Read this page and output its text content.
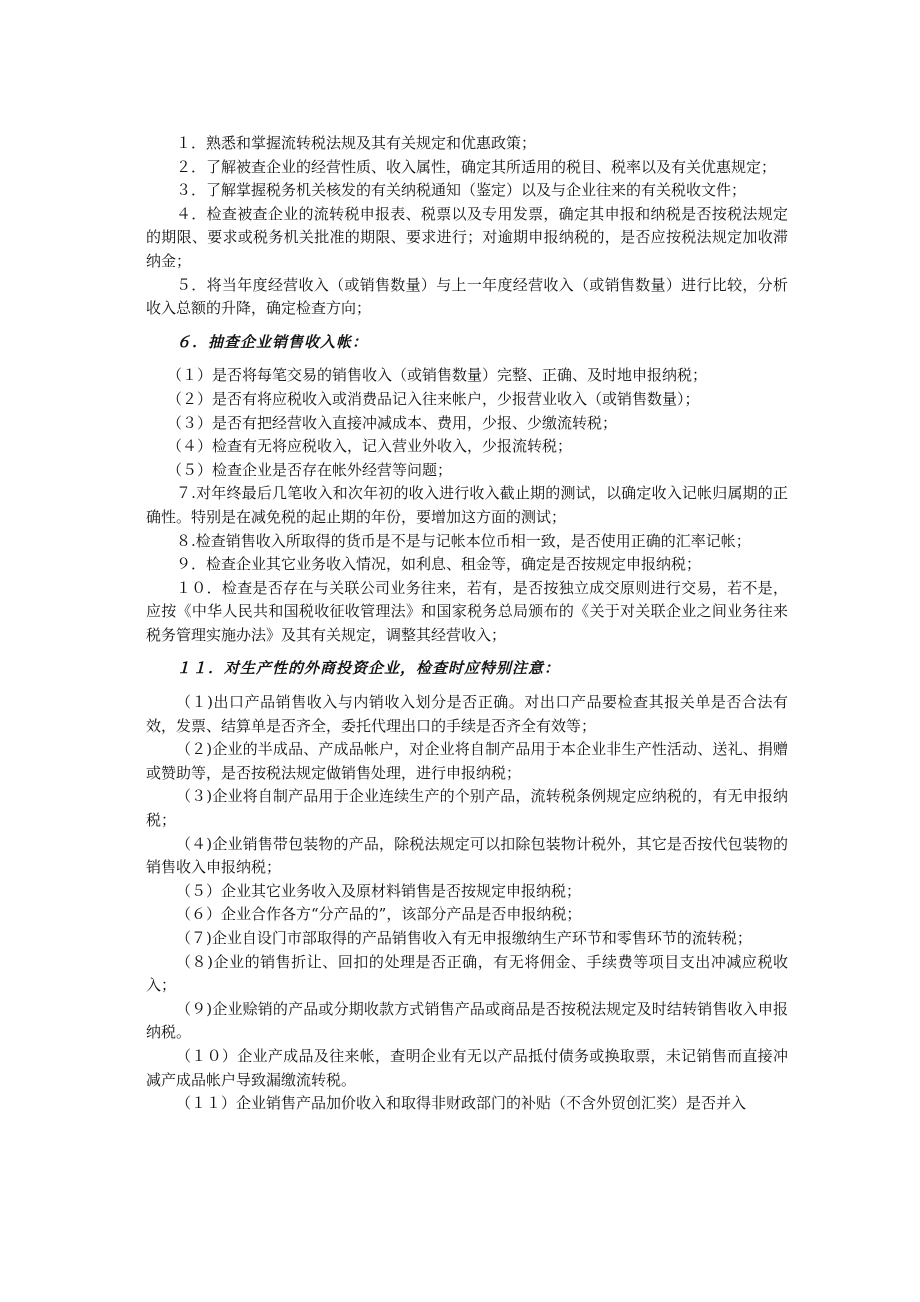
１．熟悉和掌握流转税法规及其有关规定和优惠政策；

２．了解被查企业的经营性质、收入属性，确定其所适用的税目、税率以及有关优惠规定；

３．了解掌握税务机关核发的有关纳税通知（鉴定）以及与企业往来的有关税收文件；

４．检查被查企业的流转税申报表、税票以及专用发票，确定其申报和纳税是否按税法规定的期限、要求或税务机关批准的期限、要求进行；对逾期申报纳税的，是否应按税法规定加收滞纳金；

５．将当年度经营收入（或销售数量）与上一年度经营收入（或销售数量）进行比较，分析收入总额的升降，确定检查方向；

６．抽查企业销售收入帐：

（１）是否将每笔交易的销售收入（或销售数量）完整、正确、及时地申报纳税；

（２）是否有将应税收入或消费品记入往来帐户，少报营业收入（或销售数量）；

（３）是否有把经营收入直接冲减成本、费用，少报、少缴流转税；

（４）检查有无将应税收入，记入营业外收入，少报流转税；

（５）检查企业是否存在帐外经营等问题；

７.对年终最后几笔收入和次年初的收入进行收入截止期的测试，以确定收入记帐归属期的正确性。特别是在减免税的起止期的年份，要增加这方面的测试；

８.检查销售收入所取得的货币是不是与记帐本位币相一致，是否使用正确的汇率记帐；

９．检查企业其它业务收入情况，如利息、租金等，确定是否按规定申报纳税；

１０．检查是否存在与关联公司业务往来，若有，是否按独立成交原则进行交易，若不是，应按《中华人民共和国税收征收管理法》和国家税务总局颁布的《关于对关联企业之间业务往来税务管理实施办法》及其有关规定，调整其经营收入；

１１．对生产性的外商投资企业，检查时应特别注意：

（１)出口产品销售收入与内销收入划分是否正确。对出口产品要检查其报关单是否合法有效，发票、结算单是否齐全，委托代理出口的手续是否齐全有效等；

（２)企业的半成品、产成品帐户，对企业将自制产品用于本企业非生产性活动、送礼、捐赠或赞助等，是否按税法规定做销售处理，进行申报纳税；

（３)企业将自制产品用于企业连续生产的个别产品，流转税条例规定应纳税的，有无申报纳税；

（４)企业销售带包装物的产品，除税法规定可以扣除包装物计税外，其它是否按代包装物的销售收入申报纳税；

（５）企业其它业务收入及原材料销售是否按规定申报纳税；

（６）企业合作各方“分产品的”，该部分产品是否申报纳税；

（７)企业自设门市部取得的产品销售收入有无申报缴纳生产环节和零售环节的流转税；

（８)企业的销售折让、回扣的处理是否正确，有无将佣金、手续费等项目支出冲减应税收入；

（９)企业赊销的产品或分期收款方式销售产品或商品是否按税法规定及时结转销售收入申报纳税。

（１０）企业产成品及往来帐，查明企业有无以产品抵付债务或换取票，未记销售而直接冲减产成品帐户导致漏缴流转税。

（１１）企业销售产品加价收入和取得非财政部门的补贴（不含外贸创汇奖）是否并入
